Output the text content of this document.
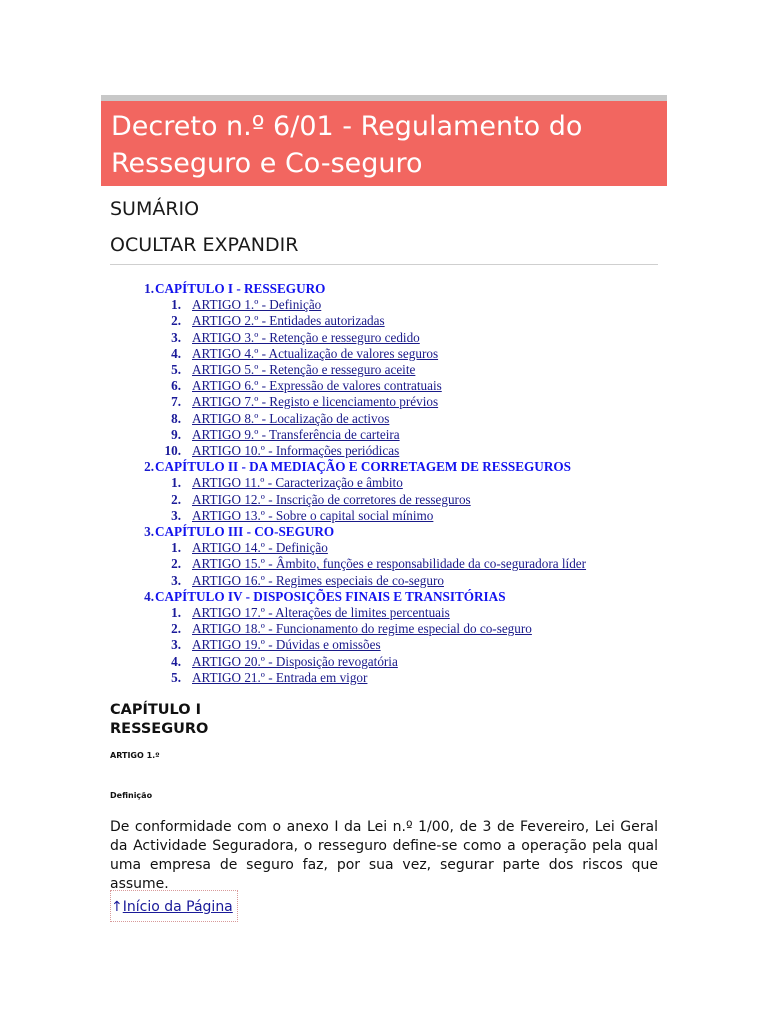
Decreto n.º 6/01 - Regulamento do Resseguro e Co-seguro
SUMÁRIO
OCULTAR EXPANDIR
1. CAPÍTULO I - RESSEGURO
1. ARTIGO 1.º - Definição
2. ARTIGO 2.º - Entidades autorizadas
3. ARTIGO 3.º - Retenção e resseguro cedido
4. ARTIGO 4.º - Actualização de valores seguros
5. ARTIGO 5.º - Retenção e resseguro aceite
6. ARTIGO 6.º - Expressão de valores contratuais
7. ARTIGO 7.º - Registo e licenciamento prévios
8. ARTIGO 8.º - Localização de activos
9. ARTIGO 9.º - Transferência de carteira
10. ARTIGO 10.º - Informações periódicas
2. CAPÍTULO II - DA MEDIAÇÃO E CORRETAGEM DE RESSEGUROS
1. ARTIGO 11.º - Caracterização e âmbito
2. ARTIGO 12.º - Inscrição de corretores de resseguros
3. ARTIGO 13.º - Sobre o capital social mínimo
3. CAPÍTULO III - CO-SEGURO
1. ARTIGO 14.º - Definição
2. ARTIGO 15.º - Âmbito, funções e responsabilidade da co-seguradora líder
3. ARTIGO 16.º - Regimes especiais de co-seguro
4. CAPÍTULO IV - DISPOSIÇÕES FINAIS E TRANSITÓRIAS
1. ARTIGO 17.º - Alterações de limites percentuais
2. ARTIGO 18.º - Funcionamento do regime especial do co-seguro
3. ARTIGO 19.º - Dúvidas e omissões
4. ARTIGO 20.º - Disposição revogatória
5. ARTIGO 21.º - Entrada em vigor
CAPÍTULO I
RESSEGURO
ARTIGO 1.º
Definição
De conformidade com o anexo I da Lei n.º 1/00, de 3 de Fevereiro, Lei Geral da Actividade Seguradora, o resseguro define-se como a operação pela qual uma empresa de seguro faz, por sua vez, segurar parte dos riscos que assume.
↑Início da Página
